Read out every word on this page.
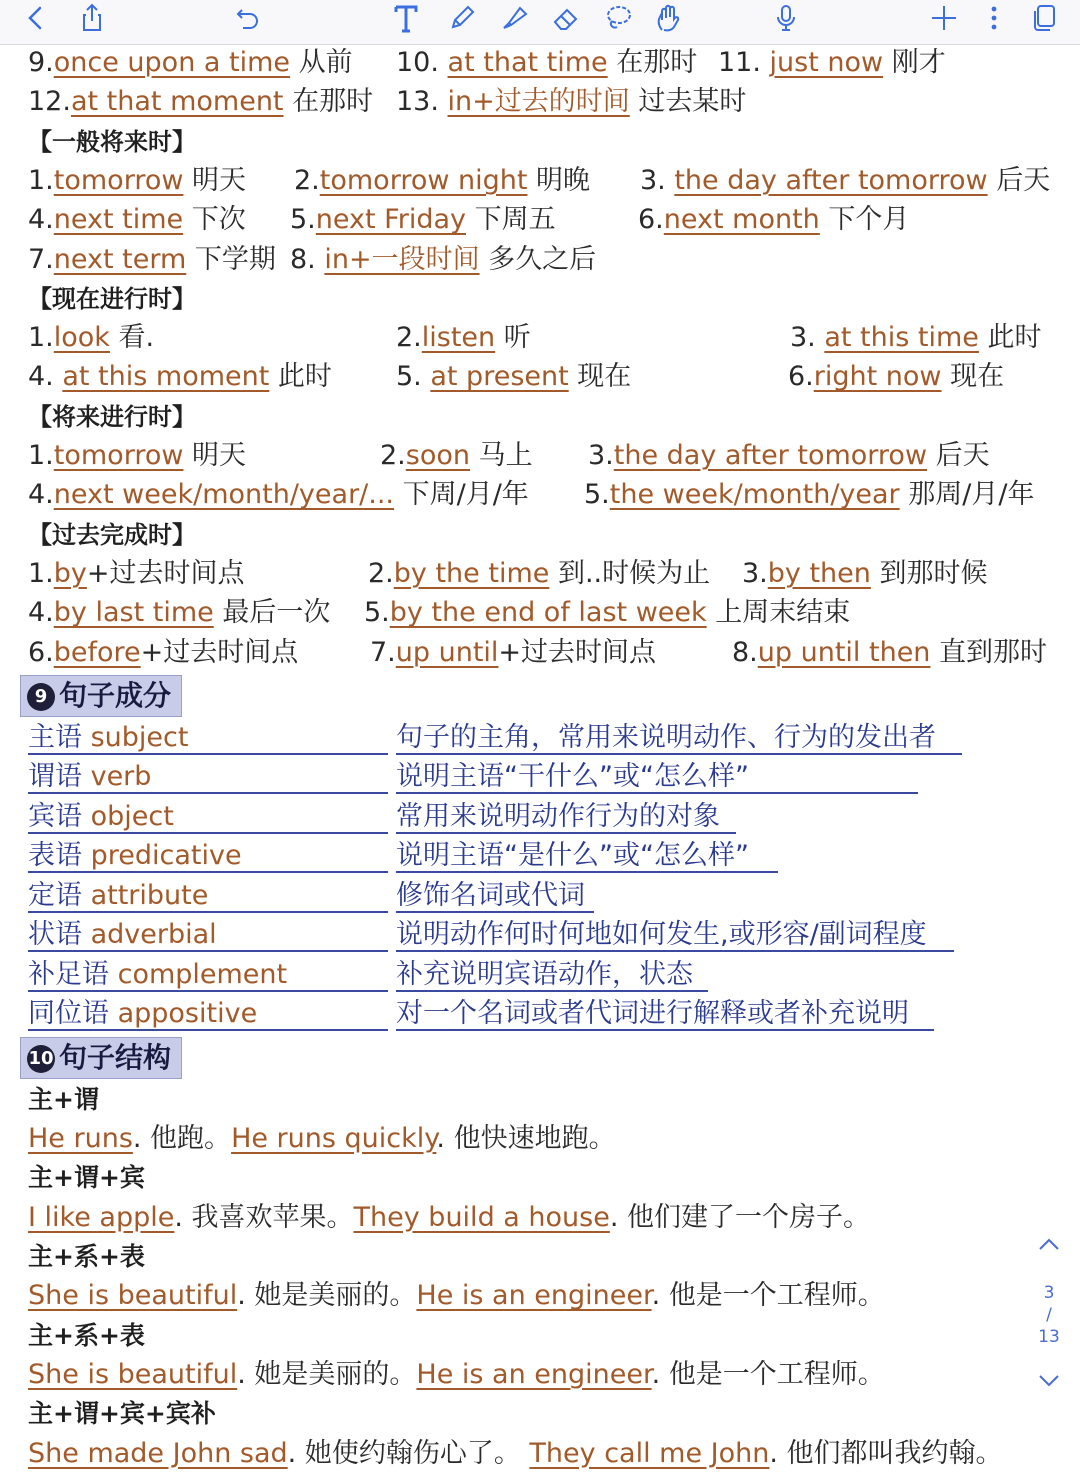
9.once upon a time 从前 10. at that time 在那时 11. just now 刚才
12.at that moment 在那时 13. in+过去的时间 过去某时
【一般将来时】
1.tomorrow 明天 2.tomorrow night 明晚 3. the day after tomorrow 后天
4.next time 下次 5.next Friday 下周五	6.next month 下个月
7.next term 下学期 8. in+一段时间 多久之后
【现在进行时】
1.look 看.	2.listen 听	3. at this time 此时
4. at this moment 此时 5. at present 现在	6.right now 现在
【将来进行时】
1.tomorrow 明天	2.soon 马上 3.the day after tomorrow 后天
4.next week/month/year/... 下周/月/年 5.the week/month/year 那周/月/年
【过去完成时】
1.by+过去时间点	2.by the time 到..时候为止 3.by then 到那时候
4.by last time 最后一次 5.by the end of last week 上周末结束
6.before+过去时间点	7.up until+过去时间点	8.up until then 直到那时
9 句子成分
主语 subject	句子的主角，常用来说明动作、行为的发出者
谓语 verb	说明主语“干什么”或“怎么样”
宾语 object	常用来说明动作行为的对象
表语 predicative	说明主语“是什么”或“怎么样”
定语 attribute	修饰名词或代词
状语 adverbial	说明动作何时何地如何发生,或形容/副词程度
补足语 complement	补充说明宾语动作，状态
同位语 appositive	对一个名词或者代词进行解释或者补充说明
10 句子结构
主+谓
He runs. 他跑。He runs quickly. 他快速地跑。
主+谓+宾
I like apple. 我喜欢苹果。They build a house. 他们建了一个房子。
主+系+表
She is beautiful. 她是美丽的。He is an engineer. 他是一个工程师。
主+系+表
She is beautiful. 她是美丽的。He is an engineer. 他是一个工程师。
主+谓+宾+宾补
She made John sad. 她使约翰伤心了。 They call me John. 他们都叫我约翰。
3
/
13
